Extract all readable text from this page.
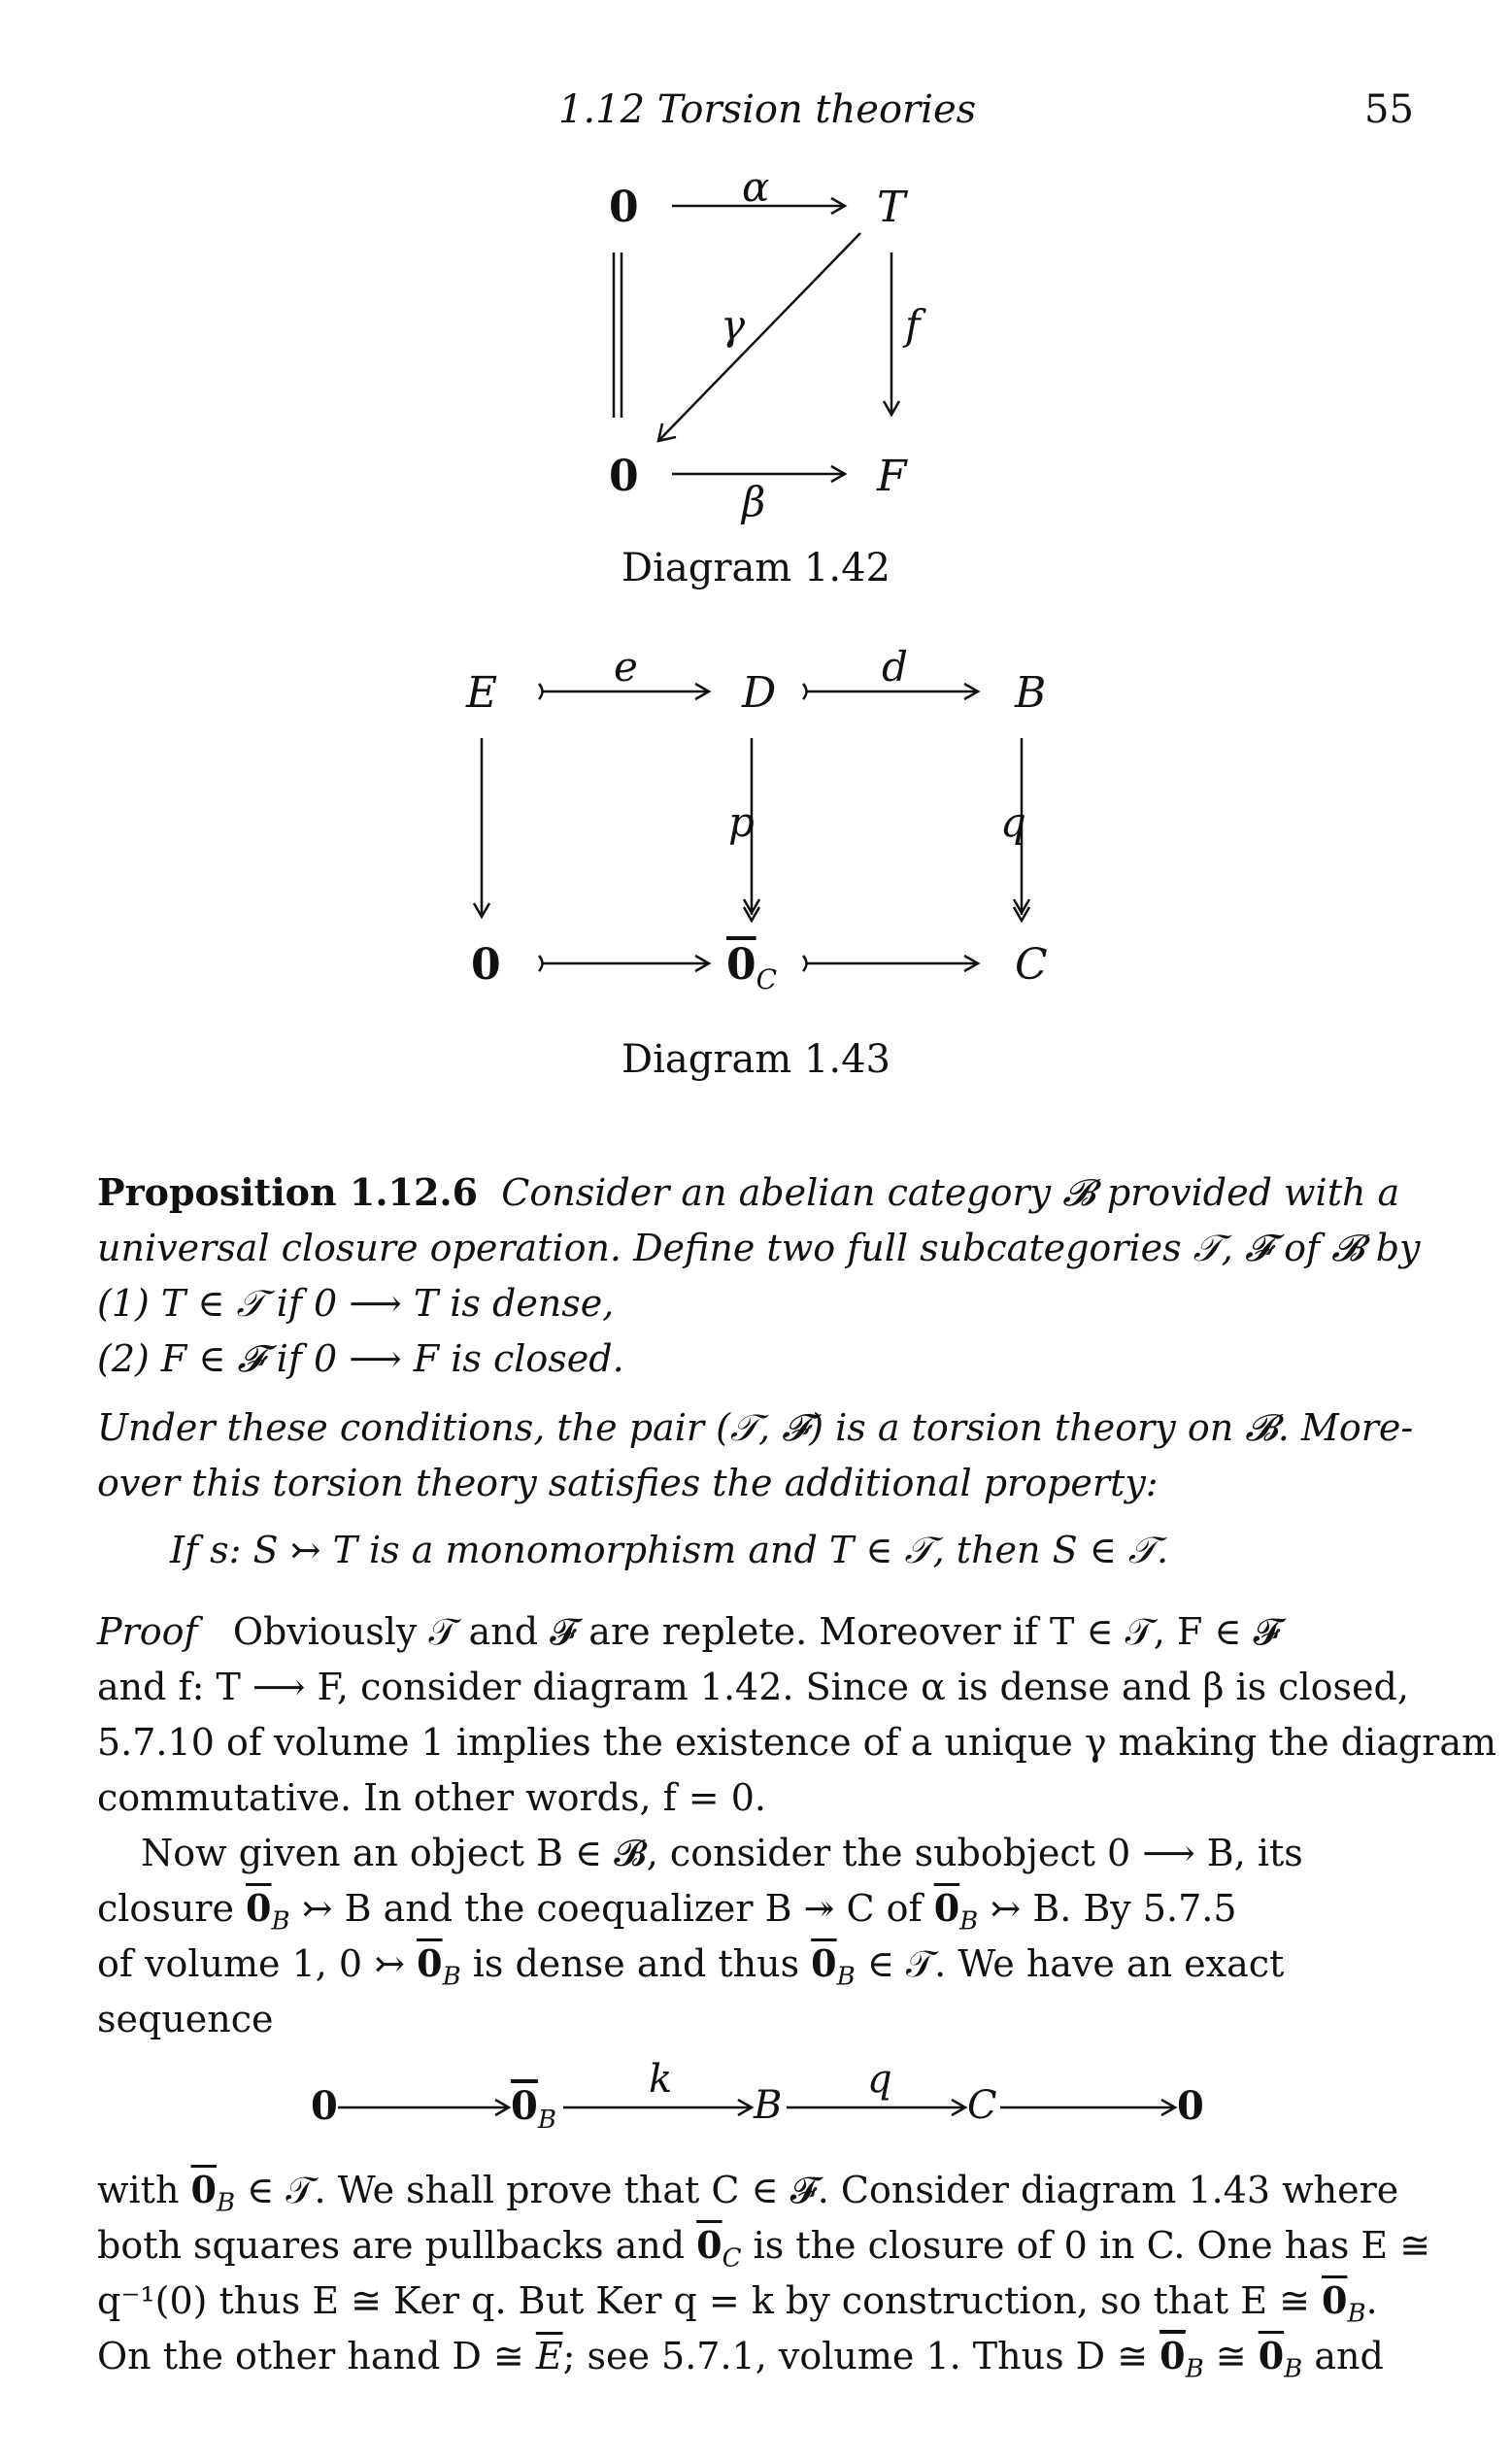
1.12 Torsion theories	55
0	T
0	F
α
γ	f
β
Diagram 1.42
E	D	B
0	$0_C$	C
e	d
p	q
Diagram 1.43
Proposition 1.12.6 Consider an abelian category 𝓑 provided with a
universal closure operation. Define two full subcategories 𝒯, 𝓕 of 𝓑 by
(1) T ∈ 𝒯 if 0 ⟶ T is dense,
(2) F ∈ 𝓕 if 0 ⟶ F is closed.
Under these conditions, the pair (𝒯, 𝓕) is a torsion theory on 𝓑. More-
over this torsion theory satisfies the additional property:
If s: S ↣ T is a monomorphism and T ∈ 𝒯, then S ∈ 𝒯.
Proof Obviously 𝒯 and 𝓕 are replete. Moreover if T ∈ 𝒯, F ∈ 𝓕
and f: T ⟶ F, consider diagram 1.42. Since α is dense and β is closed,
5.7.10 of volume 1 implies the existence of a unique γ making the diagram
commutative. In other words, f = 0.
Now given an object B ∈ 𝓑, consider the subobject 0 ⟶ B, its
closure $0_B$ ↣ B and the coequalizer B ↠ C of $0_B$ ↣ B. By 5.7.5
of volume 1, 0 ↣ $0_B$ is dense and thus $0_B$ ∈ 𝒯. We have an exact
sequence
0	$0_B$
k
B
q
C	0
with $0_B$ ∈ 𝒯. We shall prove that C ∈ 𝓕. Consider diagram 1.43 where
both squares are pullbacks and $0_C$ is the closure of 0 in C. One has E ≅
q⁻¹(0) thus E ≅ Ker q. But Ker q = k by construction, so that E ≅ $0_B$.
On the other hand D ≅ $\overline{E}$; see 5.7.1, volume 1. Thus D ≅ $0_B$ ≅ $0_B$ and
